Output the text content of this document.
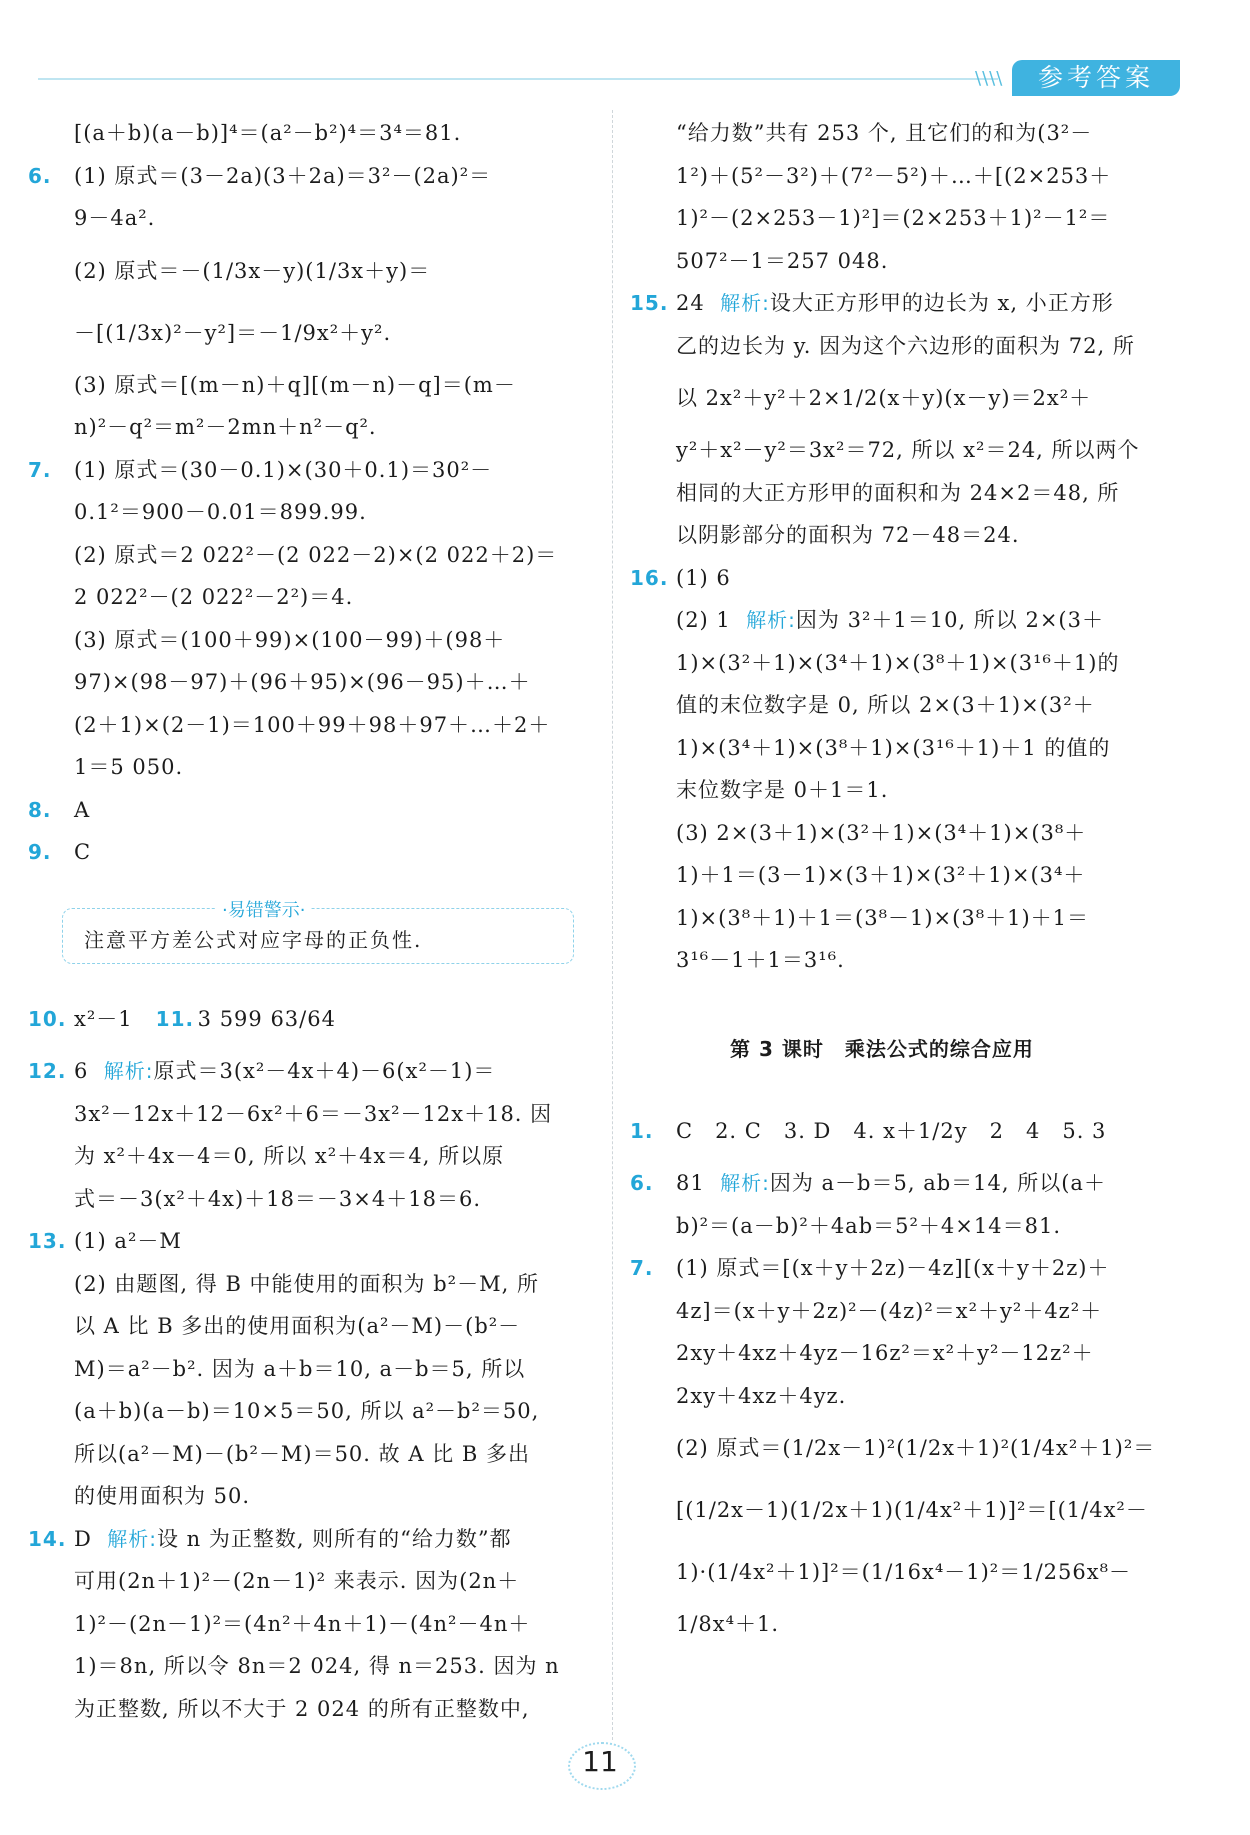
\\\\	参考答案
[(a＋b)(a－b)]⁴＝(a²－b²)⁴＝3⁴＝81.
6. (1) 原式＝(3－2a)(3＋2a)＝3²－(2a)²＝
9－4a².
(2) 原式＝－(1/3x－y)(1/3x＋y)＝
－[(1/3x)²－y²]＝－1/9x²＋y².
(3) 原式＝[(m－n)＋q][(m－n)－q]＝(m－
n)²－q²＝m²－2mn＋n²－q².
7. (1) 原式＝(30－0.1)×(30＋0.1)＝30²－
0.1²＝900－0.01＝899.99.
(2) 原式＝2 022²－(2 022－2)×(2 022＋2)＝
2 022²－(2 022²－2²)＝4.
(3) 原式＝(100＋99)×(100－99)＋(98＋
97)×(98－97)＋(96＋95)×(96－95)＋…＋
(2＋1)×(2－1)＝100＋99＋98＋97＋…＋2＋
1＝5 050.
8. A
9. C
·易错警示·
注意平方差公式对应字母的正负性.
10. x²－1 11. 3 599 63/64
12. 6 解析:原式＝3(x²－4x＋4)－6(x²－1)＝
3x²－12x＋12－6x²＋6＝－3x²－12x＋18. 因
为 x²＋4x－4＝0, 所以 x²＋4x＝4, 所以原
式＝－3(x²＋4x)＋18＝－3×4＋18＝6.
13. (1) a²－M
(2) 由题图, 得 B 中能使用的面积为 b²－M, 所
以 A 比 B 多出的使用面积为(a²－M)－(b²－
M)＝a²－b². 因为 a＋b＝10, a－b＝5, 所以
(a＋b)(a－b)＝10×5＝50, 所以 a²－b²＝50,
所以(a²－M)－(b²－M)＝50. 故 A 比 B 多出
的使用面积为 50.
14. D 解析:设 n 为正整数, 则所有的“给力数”都
可用(2n＋1)²－(2n－1)² 来表示. 因为(2n＋
1)²－(2n－1)²＝(4n²＋4n＋1)－(4n²－4n＋
1)＝8n, 所以令 8n＝2 024, 得 n＝253. 因为 n
为正整数, 所以不大于 2 024 的所有正整数中,
“给力数”共有 253 个, 且它们的和为(3²－
1²)＋(5²－3²)＋(7²－5²)＋…＋[(2×253＋
1)²－(2×253－1)²]＝(2×253＋1)²－1²＝
507²－1＝257 048.
15. 24 解析:设大正方形甲的边长为 x, 小正方形
乙的边长为 y. 因为这个六边形的面积为 72, 所
以 2x²＋y²＋2×1/2(x＋y)(x－y)＝2x²＋
y²＋x²－y²＝3x²＝72, 所以 x²＝24, 所以两个
相同的大正方形甲的面积和为 24×2＝48, 所
以阴影部分的面积为 72－48＝24.
16. (1) 6
(2) 1 解析:因为 3²＋1＝10, 所以 2×(3＋
1)×(3²＋1)×(3⁴＋1)×(3⁸＋1)×(3¹⁶＋1)的
值的末位数字是 0, 所以 2×(3＋1)×(3²＋
1)×(3⁴＋1)×(3⁸＋1)×(3¹⁶＋1)＋1 的值的
末位数字是 0＋1＝1.
(3) 2×(3＋1)×(3²＋1)×(3⁴＋1)×(3⁸＋
1)＋1＝(3－1)×(3＋1)×(3²＋1)×(3⁴＋
1)×(3⁸＋1)＋1＝(3⁸－1)×(3⁸＋1)＋1＝
3¹⁶－1＋1＝3¹⁶.
第 3 课时　乘法公式的综合应用
1. C　2. C　3. D　4. x＋1/2y　2　4　5. 3
6. 81 解析:因为 a－b＝5, ab＝14, 所以(a＋
b)²＝(a－b)²＋4ab＝5²＋4×14＝81.
7. (1) 原式＝[(x＋y＋2z)－4z][(x＋y＋2z)＋
4z]＝(x＋y＋2z)²－(4z)²＝x²＋y²＋4z²＋
2xy＋4xz＋4yz－16z²＝x²＋y²－12z²＋
2xy＋4xz＋4yz.
(2) 原式＝(1/2x－1)²(1/2x＋1)²(1/4x²＋1)²＝
[(1/2x－1)(1/2x＋1)(1/4x²＋1)]²＝[(1/4x²－
1)·(1/4x²＋1)]²＝(1/16x⁴－1)²＝1/256x⁸－
1/8x⁴＋1.
11
